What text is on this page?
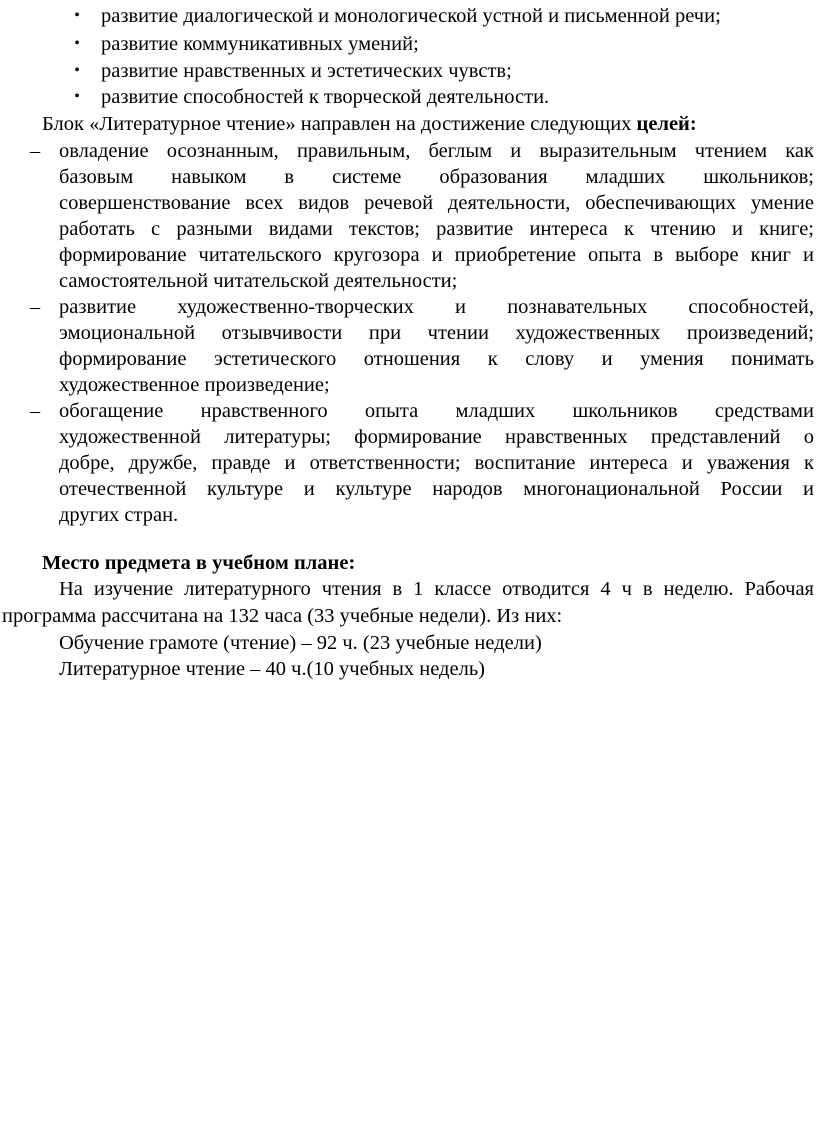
• развитие диалогической и монологической устной и письменной речи;
• развитие коммуникативных умений;
• развитие нравственных и эстетических чувств;
• развитие способностей к творческой деятельности.
Блок «Литературное чтение» направлен на достижение следующих целей:
– овладение осознанным, правильным, беглым и выразительным чтением как
базовым навыком в системе образования младших школьников;
совершенствование всех видов речевой деятельности, обеспечивающих умение
работать с разными видами текстов; развитие интереса к чтению и книге;
формирование читательского кругозора и приобретение опыта в выборе книг и
самостоятельной читательской деятельности;
– развитие художественно-творческих и познавательных способностей,
эмоциональной отзывчивости при чтении художественных произведений;
формирование эстетического отношения к слову и умения понимать
художественное произведение;
– обогащение нравственного опыта младших школьников средствами
художественной литературы; формирование нравственных представлений о
добре, дружбе, правде и ответственности; воспитание интереса и уважения к
отечественной культуре и культуре народов многонациональной России и
других стран.
Место предмета в учебном плане:
На изучение литературного чтения в 1 классе отводится 4 ч в неделю. Рабочая
программа рассчитана на 132 часа (33 учебные недели). Из них:
Обучение грамоте (чтение) – 92 ч. (23 учебные недели)
Литературное чтение – 40 ч.(10 учебных недель)
